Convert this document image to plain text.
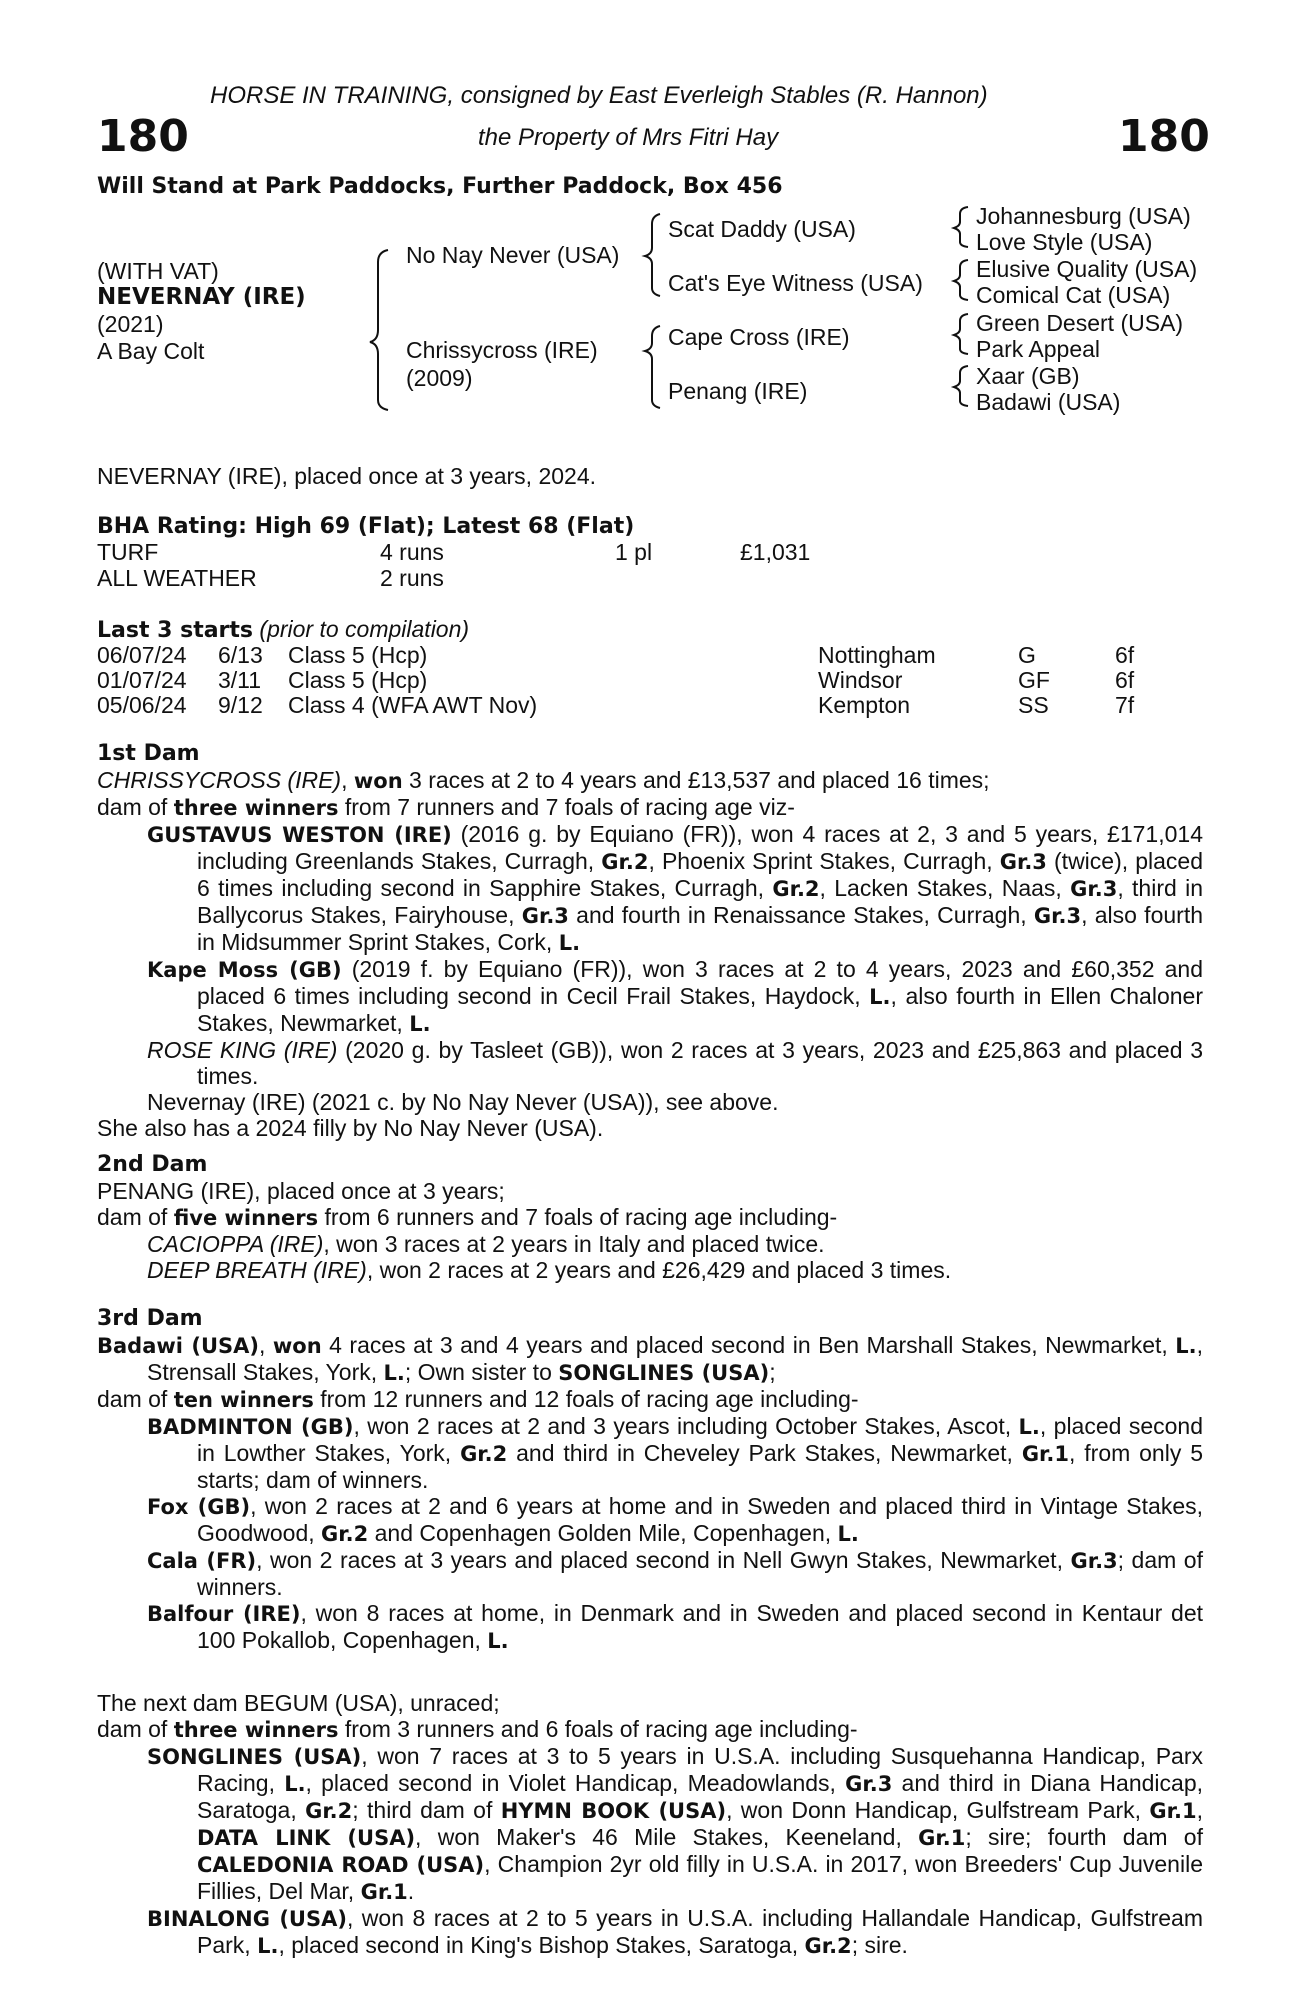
HORSE IN TRAINING, consigned by East Everleigh Stables (R. Hannon)
the Property of Mrs Fitri Hay
180	180
Will Stand at Park Paddocks, Further Paddock, Box 456
(WITH VAT)
NEVERNAY (IRE)
(2021)
A Bay Colt
No Nay Never (USA)
Chrissycross (IRE)
(2009)
Scat Daddy (USA)
Cat's Eye Witness (USA)
Cape Cross (IRE)
Penang (IRE)
Johannesburg (USA)
Love Style (USA)
Elusive Quality (USA)
Comical Cat (USA)
Green Desert (USA)
Park Appeal
Xaar (GB)
Badawi (USA)
NEVERNAY (IRE), placed once at 3 years, 2024.
BHA Rating: High 69 (Flat); Latest 68 (Flat)
TURF	4 runs	1 pl	£1,031
ALL WEATHER	2 runs
Last 3 starts (prior to compilation)
06/07/24 6/13 Class 5 (Hcp)	Nottingham	G	6f
01/07/24 3/11 Class 5 (Hcp)	Windsor	GF	6f
05/06/24 9/12 Class 4 (WFA AWT Nov)	Kempton	SS	7f
1st Dam
CHRISSYCROSS (IRE), won 3 races at 2 to 4 years and £13,537 and placed 16 times;
dam of three winners from 7 runners and 7 foals of racing age viz-
GUSTAVUS WESTON (IRE) (2016 g. by Equiano (FR)), won 4 races at 2, 3 and 5 years, £171,014 including Greenlands Stakes, Curragh, Gr.2, Phoenix Sprint Stakes, Curragh, Gr.3 (twice), placed 6 times including second in Sapphire Stakes, Curragh, Gr.2, Lacken Stakes, Naas, Gr.3, third in Ballycorus Stakes, Fairyhouse, Gr.3 and fourth in Renaissance Stakes, Curragh, Gr.3, also fourth in Midsummer Sprint Stakes, Cork, L.
Kape Moss (GB) (2019 f. by Equiano (FR)), won 3 races at 2 to 4 years, 2023 and £60,352 and placed 6 times including second in Cecil Frail Stakes, Haydock, L., also fourth in Ellen Chaloner Stakes, Newmarket, L.
ROSE KING (IRE) (2020 g. by Tasleet (GB)), won 2 races at 3 years, 2023 and £25,863 and placed 3 times.
Nevernay (IRE) (2021 c. by No Nay Never (USA)), see above.
She also has a 2024 filly by No Nay Never (USA).
2nd Dam
PENANG (IRE), placed once at 3 years;
dam of five winners from 6 runners and 7 foals of racing age including-
CACIOPPA (IRE), won 3 races at 2 years in Italy and placed twice.
DEEP BREATH (IRE), won 2 races at 2 years and £26,429 and placed 3 times.
3rd Dam
Badawi (USA), won 4 races at 3 and 4 years and placed second in Ben Marshall Stakes, Newmarket, L., Strensall Stakes, York, L.; Own sister to SONGLINES (USA);
dam of ten winners from 12 runners and 12 foals of racing age including-
BADMINTON (GB), won 2 races at 2 and 3 years including October Stakes, Ascot, L., placed second in Lowther Stakes, York, Gr.2 and third in Cheveley Park Stakes, Newmarket, Gr.1, from only 5 starts; dam of winners.
Fox (GB), won 2 races at 2 and 6 years at home and in Sweden and placed third in Vintage Stakes, Goodwood, Gr.2 and Copenhagen Golden Mile, Copenhagen, L.
Cala (FR), won 2 races at 3 years and placed second in Nell Gwyn Stakes, Newmarket, Gr.3; dam of winners.
Balfour (IRE), won 8 races at home, in Denmark and in Sweden and placed second in Kentaur det 100 Pokallob, Copenhagen, L.
The next dam BEGUM (USA), unraced;
dam of three winners from 3 runners and 6 foals of racing age including-
SONGLINES (USA), won 7 races at 3 to 5 years in U.S.A. including Susquehanna Handicap, Parx Racing, L., placed second in Violet Handicap, Meadowlands, Gr.3 and third in Diana Handicap, Saratoga, Gr.2; third dam of HYMN BOOK (USA), won Donn Handicap, Gulfstream Park, Gr.1, DATA LINK (USA), won Maker's 46 Mile Stakes, Keeneland, Gr.1; sire; fourth dam of CALEDONIA ROAD (USA), Champion 2yr old filly in U.S.A. in 2017, won Breeders' Cup Juvenile Fillies, Del Mar, Gr.1.
BINALONG (USA), won 8 races at 2 to 5 years in U.S.A. including Hallandale Handicap, Gulfstream Park, L., placed second in King's Bishop Stakes, Saratoga, Gr.2; sire.
